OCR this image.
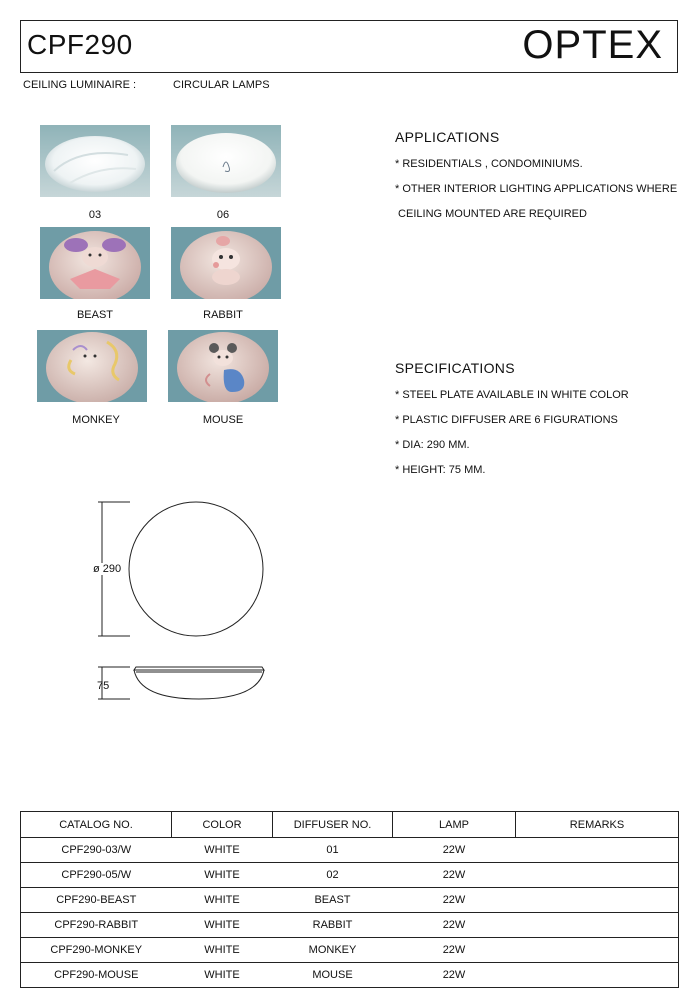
CPF290	OPTEX
CEILING LUMINAIRE :	CIRCULAR LAMPS
03	06
BEAST	RABBIT
MONKEY	MOUSE
APPLICATIONS
* RESIDENTIALS , CONDOMINIUMS.
* OTHER INTERIOR LIGHTING APPLICATIONS WHERE
CEILING MOUNTED ARE REQUIRED
SPECIFICATIONS
* STEEL PLATE AVAILABLE IN WHITE COLOR
* PLASTIC DIFFUSER ARE 6 FIGURATIONS
* DIA: 290 MM.
* HEIGHT: 75 MM.
ø 290
75
CATALOG NO.	COLOR	DIFFUSER NO.	LAMP	REMARKS
CPF290-03/W	WHITE	01	22W	
CPF290-05/W	WHITE	02	22W	
CPF290-BEAST	WHITE	BEAST	22W	
CPF290-RABBIT	WHITE	RABBIT	22W	
CPF290-MONKEY	WHITE	MONKEY	22W	
CPF290-MOUSE	WHITE	MOUSE	22W	
